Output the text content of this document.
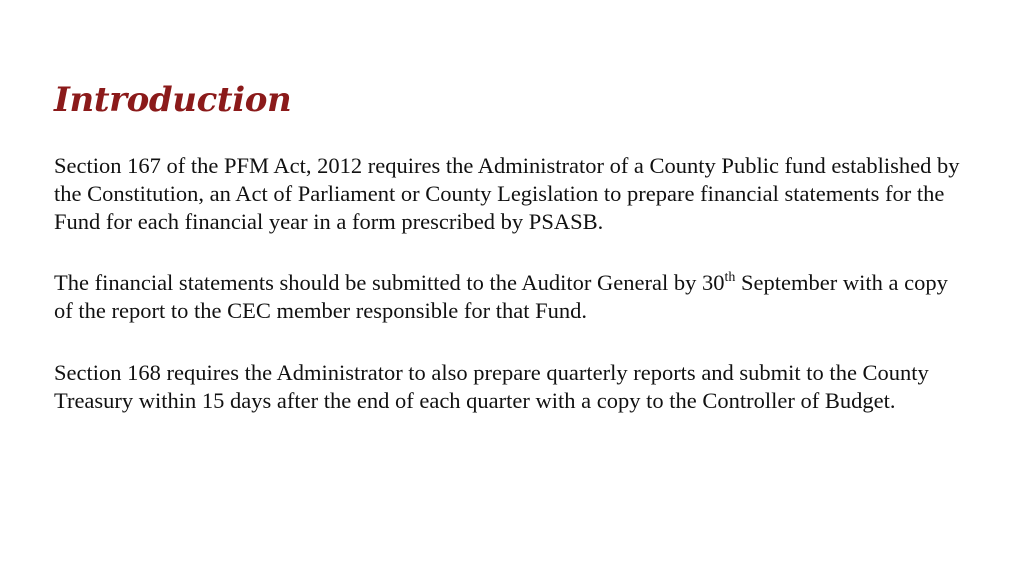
Introduction

Section 167 of the PFM Act, 2012 requires the Administrator of a County Public fund established by the Constitution, an Act of Parliament or County Legislation to prepare financial statements for the Fund for each financial year in a form prescribed by PSASB.

The financial statements should be submitted to the Auditor General by 30th September with a copy of the report to the CEC member responsible for that Fund.

Section 168 requires the Administrator to also prepare quarterly reports and submit to the County Treasury within 15 days after the end of each quarter with a copy to the Controller of Budget.
